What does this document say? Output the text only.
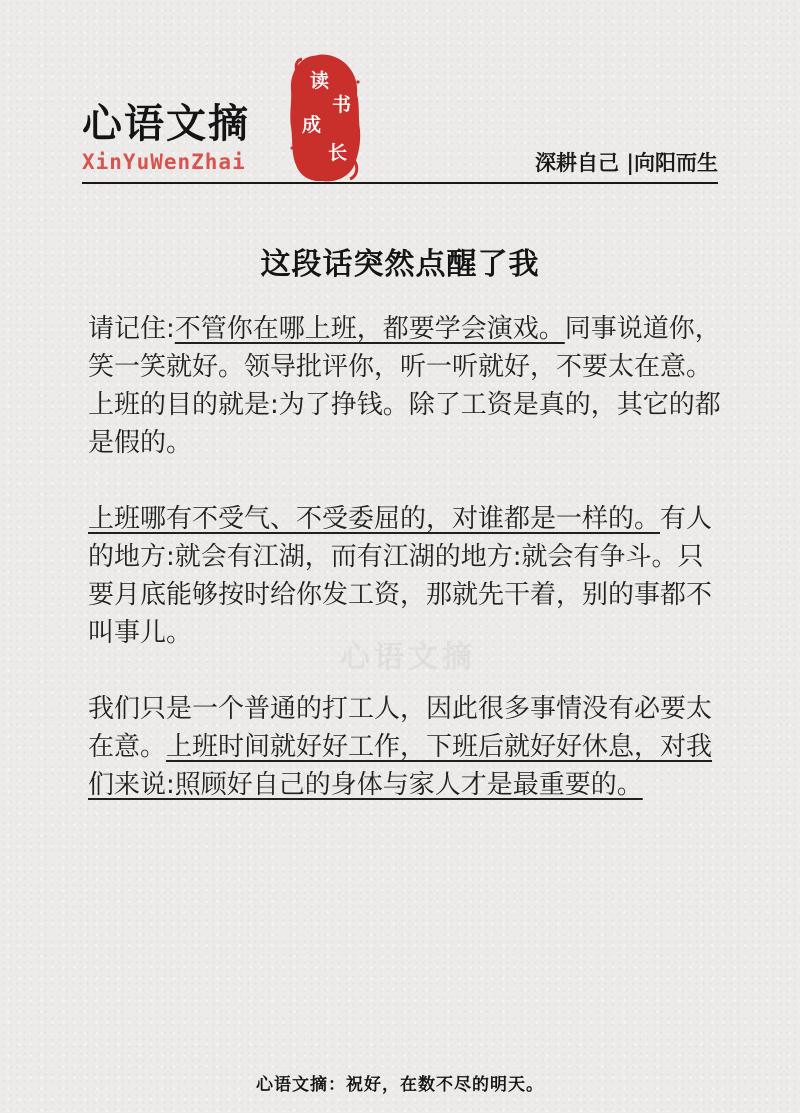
心语文摘
XinYuWenZhai
读
书
成
长	深耕自己 |向阳而生
这段话突然点醒了我

请记住:不管你在哪上班，都要学会演戏。同事说道你，笑一笑就好。领导批评你，听一听就好，不要太在意。上班的目的就是:为了挣钱。除了工资是真的，其它的都是假的。

上班哪有不受气、不受委屈的，对谁都是一样的。有人的地方:就会有江湖，而有江湖的地方:就会有争斗。只要月底能够按时给你发工资，那就先干着，别的事都不叫事儿。

我们只是一个普通的打工人，因此很多事情没有必要太在意。上班时间就好好工作，下班后就好好休息，对我们来说:照顾好自己的身体与家人才是最重要的。

心语文摘
心语文摘：祝好，在数不尽的明天。
